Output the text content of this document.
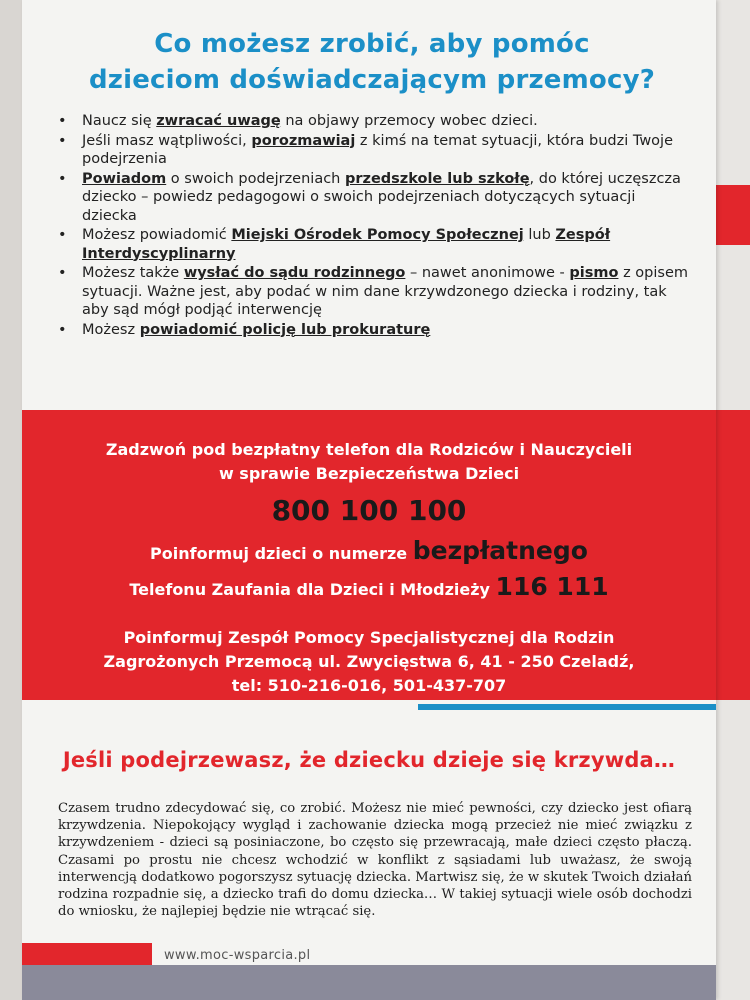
Co możesz zrobić, aby pomóc
dzieciom doświadczającym przemocy?
• Naucz się zwracać uwagę na objawy przemocy wobec dzieci.
• Jeśli masz wątpliwości, porozmawiaj z kimś na temat sytuacji, która budzi Twoje podejrzenia
• Powiadom o swoich podejrzeniach przedszkole lub szkołę, do której uczęszcza dziecko – powiedz pedagogowi o swoich podejrzeniach dotyczących sytuacji dziecka
• Możesz powiadomić Miejski Ośrodek Pomocy Społecznej lub Zespół Interdyscyplinarny
• Możesz także wysłać do sądu rodzinnego – nawet anonimowe - pismo z opisem sytuacji. Ważne jest, aby podać w nim dane krzywdzonego dziecka i rodziny, tak aby sąd mógł podjąć interwencję
• Możesz powiadomić policję lub prokuraturę
Zadzwoń pod bezpłatny telefon dla Rodziców i Nauczycieli
w sprawie Bezpieczeństwa Dzieci
800 100 100
Poinformuj dzieci o numerze bezpłatnego
Telefonu Zaufania dla Dzieci i Młodzieży 116 111
Poinformuj Zespół Pomocy Specjalistycznej dla Rodzin
Zagrożonych Przemocą ul. Zwycięstwa 6, 41 - 250 Czeladź,
tel: 510-216-016, 501-437-707
Jeśli podejrzewasz, że dziecku dzieje się krzywda…

Czasem trudno zdecydować się, co zrobić. Możesz nie mieć pewności, czy dziecko jest ofiarą krzywdzenia. Niepokojący wygląd i zachowanie dziecka mogą przecież nie mieć związku z krzywdzeniem - dzieci są posiniaczone, bo często się przewracają, małe dzieci często płaczą. Czasami po prostu nie chcesz wchodzić w konflikt z sąsiadami lub uważasz, że swoją interwencją dodatkowo pogorszysz sytuację dziecka. Martwisz się, że w skutek Twoich działań rodzina rozpadnie się, a dziecko trafi do domu dziecka… W takiej sytuacji wiele osób dochodzi do wniosku, że najlepiej będzie nie wtrącać się.

www.moc-wsparcia.pl
